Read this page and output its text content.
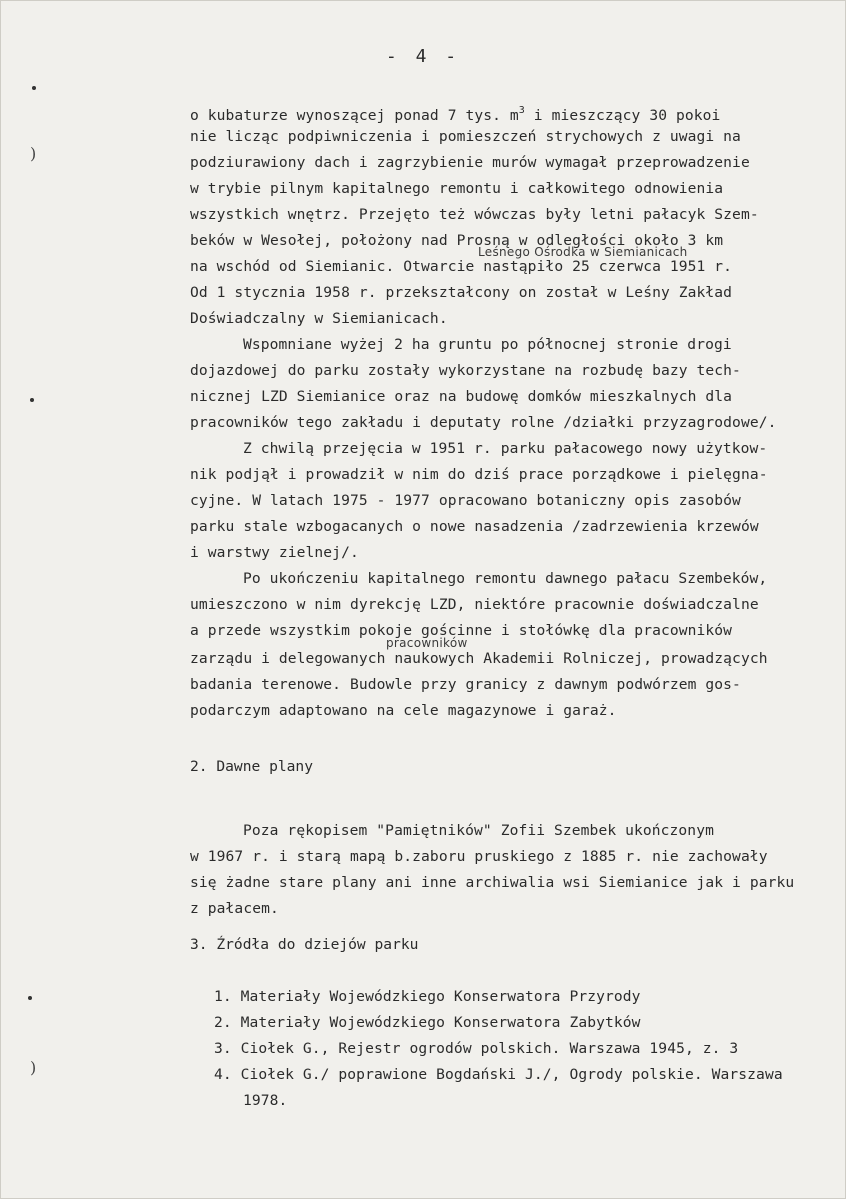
- 4 -
)
)
o kubaturze wynoszącej ponad 7 tys. $m^3$ i mieszczący 30 pokoi
nie licząc podpiwniczenia i pomieszczeń strychowych z uwagi na
podziurawiony dach i zagrzybienie murów wymagał przeprowadzenie
w trybie pilnym kapitalnego remontu i całkowitego odnowienia
wszystkich wnętrz. Przejęto też wówczas były letni pałacyk Szem-
beków w Wesołej, położony nad Prosną w odległości około 3 km
Leśnego Ośrodka w Siemianicach
na wschód od Siemianic. Otwarcie nastąpiło 25 czerwca 1951 r.
Od 1 stycznia 1958 r. przekształcony on został w Leśny Zakład
Doświadczalny w Siemianicach.
Wspomniane wyżej 2 ha gruntu po północnej stronie drogi
dojazdowej do parku zostały wykorzystane na rozbudę bazy tech-
nicznej LZD Siemianice oraz na budowę domków mieszkalnych dla
pracowników tego zakładu i deputaty rolne /działki przyzagrodowe/.
Z chwilą przejęcia w 1951 r. parku pałacowego nowy użytkow-
nik podjął i prowadził w nim do dziś prace porządkowe i pielęgna-
cyjne. W latach 1975 - 1977 opracowano botaniczny opis zasobów
parku stale wzbogacanych o nowe nasadzenia /zadrzewienia krzewów
i warstwy zielnej/.
Po ukończeniu kapitalnego remontu dawnego pałacu Szembeków,
umieszczono w nim dyrekcję LZD, niektóre pracownie doświadczalne
a przede wszystkim pokoje gościnne i stołówkę dla pracowników
pracowników
zarządu i delegowanych naukowych Akademii Rolniczej, prowadzących
badania terenowe. Budowle przy granicy z dawnym podwórzem gos-
podarczym adaptowano na cele magazynowe i garaż.
2. Dawne plany
Poza rękopisem "Pamiętników" Zofii Szembek ukończonym
w 1967 r. i starą mapą b.zaboru pruskiego z 1885 r. nie zachowały
się żadne stare plany ani inne archiwalia wsi Siemianice jak i parku
z pałacem.
3. Źródła do dziejów parku
1. Materiały Wojewódzkiego Konserwatora Przyrody
2. Materiały Wojewódzkiego Konserwatora Zabytków
3. Ciołek G., Rejestr ogrodów polskich. Warszawa 1945, z. 3
4. Ciołek G./ poprawione Bogdański J./, Ogrody polskie. Warszawa
1978.
